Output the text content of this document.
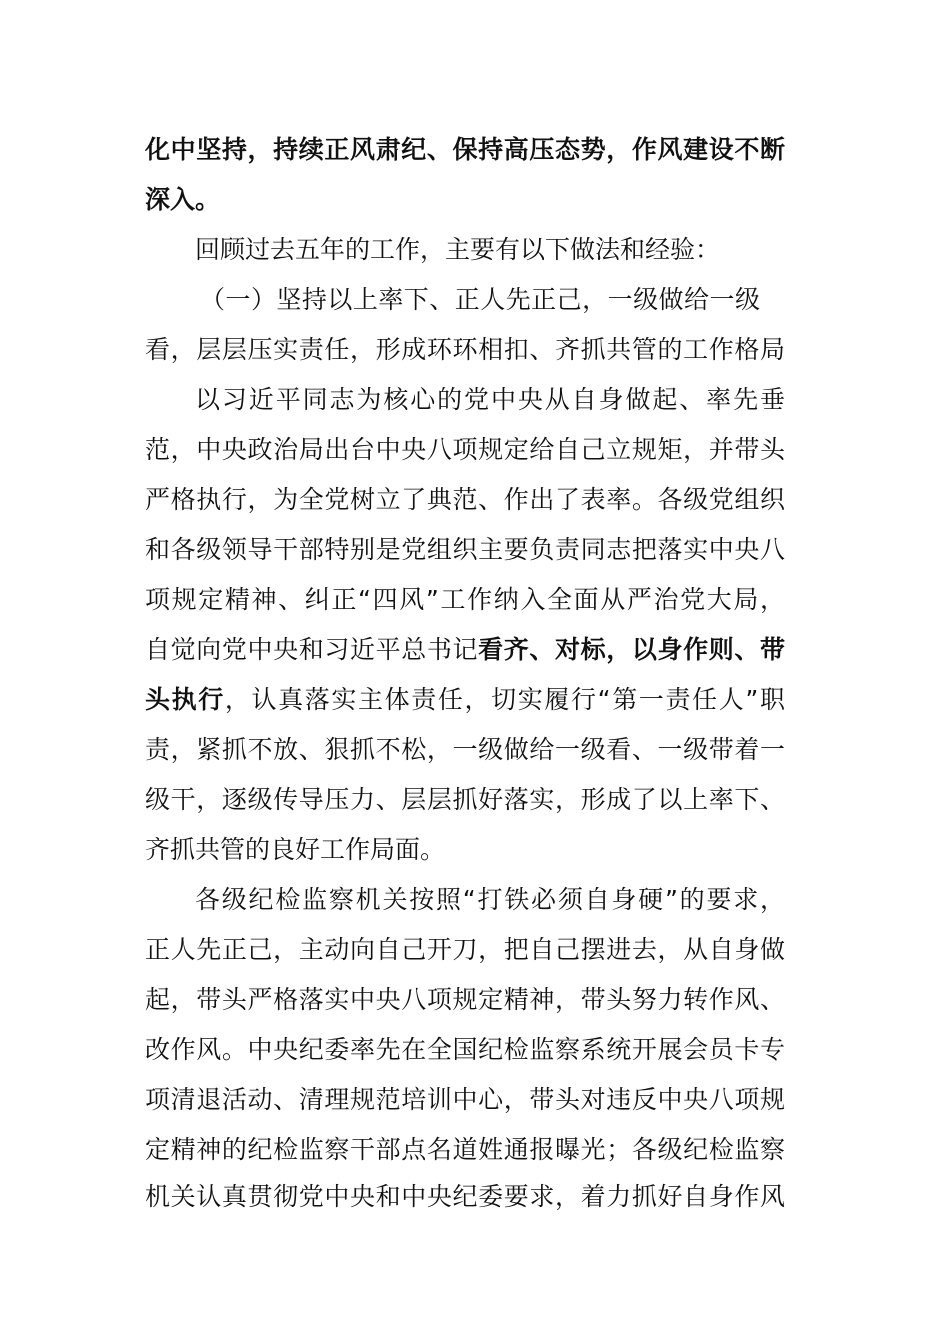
化中坚持，持续正风肃纪、保持高压态势，作风建设不断
深入。
回顾过去五年的工作，主要有以下做法和经验：
（一）坚持以上率下、正人先正己，一级做给一级
看，层层压实责任，形成环环相扣、齐抓共管的工作格局
以习近平同志为核心的党中央从自身做起、率先垂
范，中央政治局出台中央八项规定给自己立规矩，并带头
严格执行，为全党树立了典范、作出了表率。各级党组织
和各级领导干部特别是党组织主要负责同志把落实中央八
项规定精神、纠正“四风”工作纳入全面从严治党大局，
自觉向党中央和习近平总书记看齐、对标，以身作则、带
头执行，认真落实主体责任，切实履行“第一责任人”职
责，紧抓不放、狠抓不松，一级做给一级看、一级带着一
级干，逐级传导压力、层层抓好落实，形成了以上率下、
齐抓共管的良好工作局面。
各级纪检监察机关按照“打铁必须自身硬”的要求，
正人先正己，主动向自己开刀，把自己摆进去，从自身做
起，带头严格落实中央八项规定精神，带头努力转作风、
改作风。中央纪委率先在全国纪检监察系统开展会员卡专
项清退活动、清理规范培训中心，带头对违反中央八项规
定精神的纪检监察干部点名道姓通报曝光；各级纪检监察
机关认真贯彻党中央和中央纪委要求，着力抓好自身作风
